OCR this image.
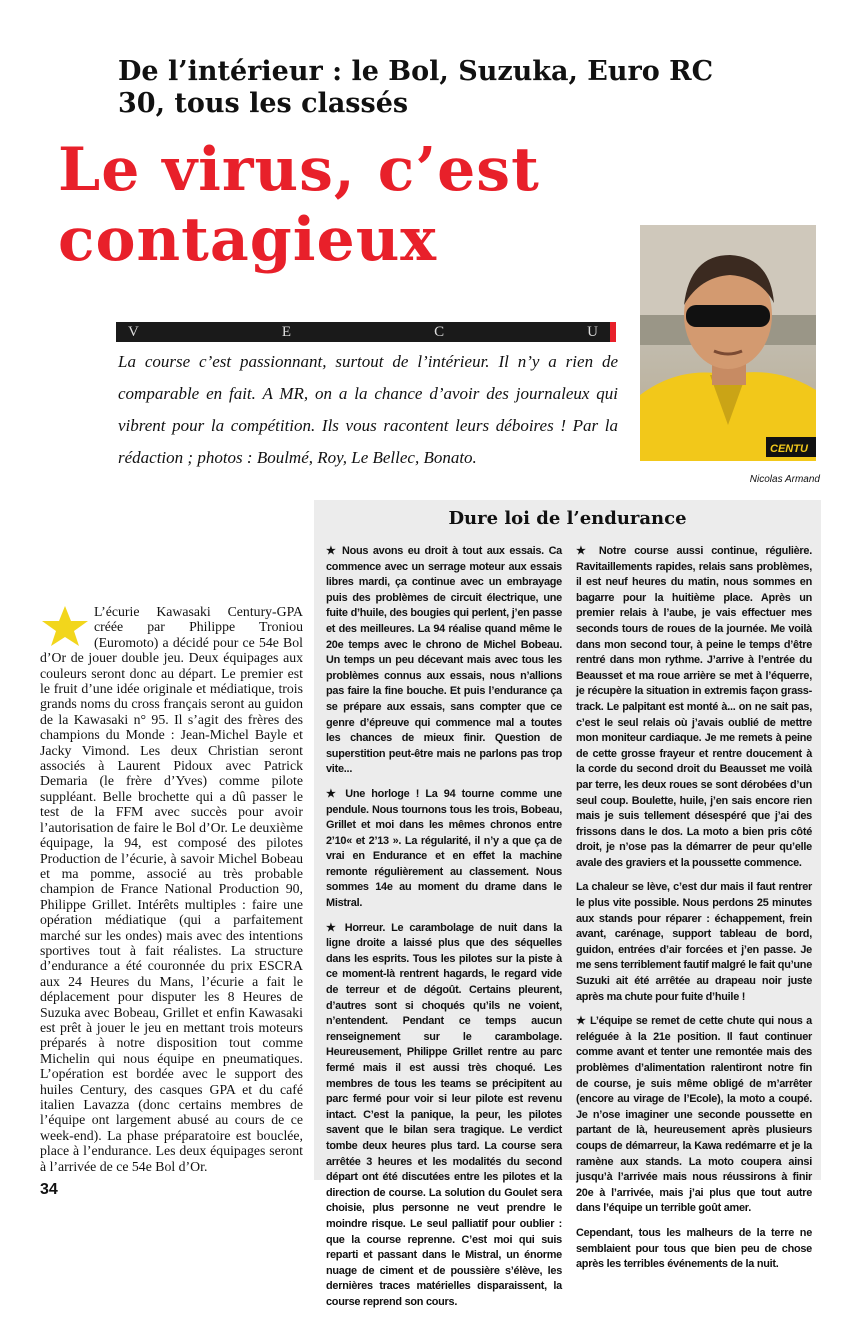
De l’intérieur : le Bol, Suzuka, Euro RC 30, tous les classés
Le virus, c’est contagieux
V	E	C	U
La course c’est passionnant, surtout de l’intérieur. Il n’y a rien de comparable en fait. A MR, on a la chance d’avoir des journaleux qui vibrent pour la compétition. Ils vous racontent leurs déboires ! Par la rédaction ; photos : Boulmé, Roy, Le Bellec, Bonato.	CENTU
Nicolas Armand
L’écurie Kawasaki Century-GPA créée par Philippe Troniou (Euromoto) a décidé pour ce 54e Bol d’Or de jouer double jeu. Deux équipages aux couleurs seront donc au départ. Le premier est le fruit d’une idée originale et médiatique, trois grands noms du cross français seront au guidon de la Kawasaki n° 95. Il s’agit des frères des champions du Monde : Jean-Michel Bayle et Jacky Vimond. Les deux Christian seront associés à Laurent Pidoux avec Patrick Demaria (le frère d’Yves) comme pilote suppléant. Belle brochette qui a dû passer le test de la FFM avec succès pour avoir l’autorisation de faire le Bol d’Or. Le deuxième équipage, la 94, est composé des pilotes Production de l’écurie, à savoir Michel Bobeau et ma pomme, associé au très probable champion de France National Production 90, Philippe Grillet. Intérêts multiples : faire une opération médiatique (qui a parfaitement marché sur les ondes) mais avec des intentions sportives tout à fait réalistes. La structure d’endurance a été couronnée du prix ESCRA aux 24 Heures du Mans, l’écurie a fait le déplacement pour disputer les 8 Heures de Suzuka avec Bobeau, Grillet et enfin Kawasaki est prêt à jouer le jeu en mettant trois moteurs préparés à notre disposition tout comme Michelin qui nous équipe en pneumatiques. L’opération est bordée avec le support des huiles Century, des casques GPA et du café italien Lavazza (donc certains membres de l’équipe ont largement abusé au cours de ce week-end). La phase préparatoire est bouclée, place à l’endurance. Les deux équipages seront à l’arrivée de ce 54e Bol d’Or.
Dure loi de l’endurance

★ Nous avons eu droit à tout aux essais. Ca commence avec un serrage moteur aux essais libres mardi, ça continue avec un embrayage puis des problèmes de circuit électrique, une fuite d’huile, des bougies qui perlent, j’en passe et des meilleures. La 94 réalise quand même le 20e temps avec le chrono de Michel Bobeau. Un temps un peu décevant mais avec tous les problèmes connus aux essais, nous n’allions pas faire la fine bouche. Et puis l’endurance ça se prépare aux essais, sans compter que ce genre d’épreuve qui commence mal a toutes les chances de mieux finir. Question de superstition peut-être mais ne parlons pas trop vite...

★ Une horloge ! La 94 tourne comme une pendule. Nous tournons tous les trois, Bobeau, Grillet et moi dans les mêmes chronos entre 2’10« et 2’13 ». La régularité, il n’y a que ça de vrai en Endurance et en effet la machine remonte régulièrement au classement. Nous sommes 14e au moment du drame dans le Mistral.

★ Horreur. Le carambolage de nuit dans la ligne droite a laissé plus que des séquelles dans les esprits. Tous les pilotes sur la piste à ce moment-là rentrent hagards, le regard vide de terreur et de dégoût. Certains pleurent, d’autres sont si choqués qu’ils ne voient, n’entendent. Pendant ce temps aucun renseignement sur le carambolage. Heureusement, Philippe Grillet rentre au parc fermé mais il est aussi très choqué. Les membres de tous les teams se précipitent au parc fermé pour voir si leur pilote est revenu intact. C’est la panique, la peur, les pilotes savent que le bilan sera tragique. Le verdict tombe deux heures plus tard. La course sera arrêtée 3 heures et les modalités du second départ ont été discutées entre les pilotes et la direction de course. La solution du Goulet sera choisie, plus personne ne veut prendre le moindre risque. Le seul palliatif pour oublier : que la course reprenne. C’est moi qui suis reparti et passant dans le Mistral, un énorme nuage de ciment et de poussière s’élève, les dernières traces matérielles disparaissent, la course reprend son cours.

★ Notre course aussi continue, régulière. Ravitaillements rapides, relais sans problèmes, il est neuf heures du matin, nous sommes en bagarre pour la huitième place. Après un premier relais à l’aube, je vais effectuer mes seconds tours de roues de la journée. Me voilà dans mon second tour, à peine le temps d’être rentré dans mon rythme. J’arrive à l’entrée du Beausset et ma roue arrière se met à l’équerre, je récupère la situation in extremis façon grass-track. Le palpitant est monté à... on ne sait pas, c’est le seul relais où j’avais oublié de mettre mon moniteur cardiaque. Je me remets à peine de cette grosse frayeur et rentre doucement à la corde du second droit du Beausset me voilà par terre, les deux roues se sont dérobées d’un seul coup. Boulette, huile, j’en sais encore rien mais je suis tellement désespéré que j’ai des frissons dans le dos. La moto a bien pris côté droit, je n’ose pas la démarrer de peur qu’elle avale des graviers et la poussette commence.

La chaleur se lève, c’est dur mais il faut rentrer le plus vite possible. Nous perdons 25 minutes aux stands pour réparer : échappement, frein avant, carénage, support tableau de bord, guidon, entrées d’air forcées et j’en passe. Je me sens terriblement fautif malgré le fait qu’une Suzuki ait été arrêtée au drapeau noir juste après ma chute pour fuite d’huile !

★ L’équipe se remet de cette chute qui nous a reléguée à la 21e position. Il faut continuer comme avant et tenter une remontée mais des problèmes d’alimentation ralentiront notre fin de course, je suis même obligé de m’arrêter (encore au virage de l’Ecole), la moto a coupé. Je n’ose imaginer une seconde poussette en partant de là, heureusement après plusieurs coups de démarreur, la Kawa redémarre et je la ramène aux stands. La moto coupera ainsi jusqu’à l’arrivée mais nous réussirons à finir 20e à l’arrivée, mais j’ai plus que tout autre dans l’équipe un terrible goût amer.

Cependant, tous les malheurs de la terre ne semblaient pour tous que bien peu de chose après les terribles événements de la nuit.

34
